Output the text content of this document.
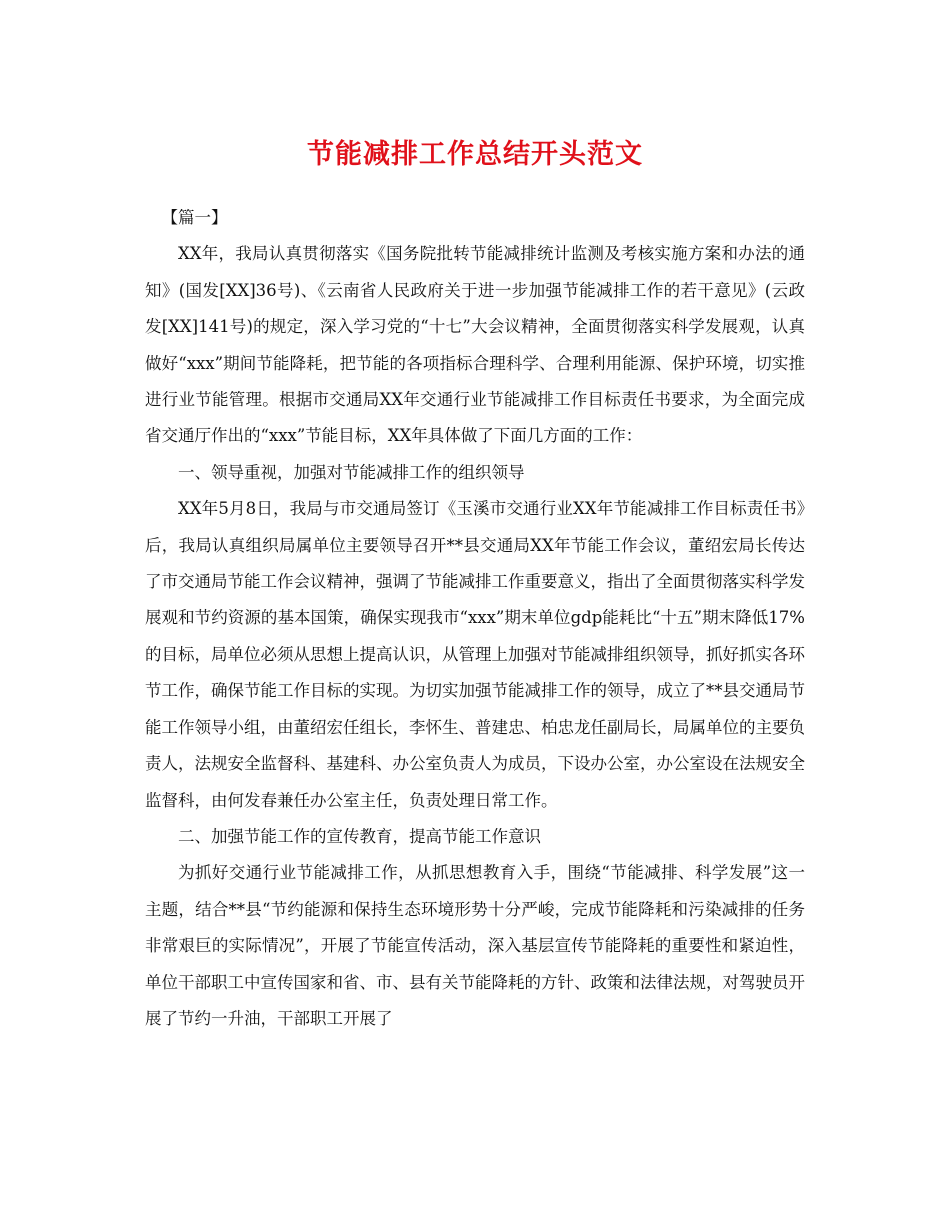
节能减排工作总结开头范文

【篇一】

XX年，我局认真贯彻落实《国务院批转节能减排统计监测及考核实施方案和办法的通知》(国发[XX]36号)、《云南省人民政府关于进一步加强节能减排工作的若干意见》(云政发[XX]141号)的规定，深入学习党的“十七”大会议精神，全面贯彻落实科学发展观，认真做好“xxx”期间节能降耗，把节能的各项指标合理科学、合理利用能源、保护环境，切实推进行业节能管理。根据市交通局XX年交通行业节能减排工作目标责任书要求，为全面完成省交通厅作出的“xxx”节能目标，XX年具体做了下面几方面的工作：

一、领导重视，加强对节能减排工作的组织领导

XX年5月8日，我局与市交通局签订《玉溪市交通行业XX年节能减排工作目标责任书》后，我局认真组织局属单位主要领导召开**县交通局XX年节能工作会议，董绍宏局长传达了市交通局节能工作会议精神，强调了节能减排工作重要意义，指出了全面贯彻落实科学发展观和节约资源的基本国策，确保实现我市“xxx”期末单位gdp能耗比“十五”期末降低17%的目标，局单位必须从思想上提高认识，从管理上加强对节能减排组织领导，抓好抓实各环节工作，确保节能工作目标的实现。为切实加强节能减排工作的领导，成立了**县交通局节能工作领导小组，由董绍宏任组长，李怀生、普建忠、柏忠龙任副局长，局属单位的主要负责人，法规安全监督科、基建科、办公室负责人为成员，下设办公室，办公室设在法规安全监督科，由何发春兼任办公室主任，负责处理日常工作。

二、加强节能工作的宣传教育，提高节能工作意识

为抓好交通行业节能减排工作，从抓思想教育入手，围绕“节能减排、科学发展”这一主题，结合**县“节约能源和保持生态环境形势十分严峻，完成节能降耗和污染减排的任务非常艰巨的实际情况”，开展了节能宣传活动，深入基层宣传节能降耗的重要性和紧迫性，单位干部职工中宣传国家和省、市、县有关节能降耗的方针、政策和法律法规，对驾驶员开展了节约一升油，干部职工开展了
